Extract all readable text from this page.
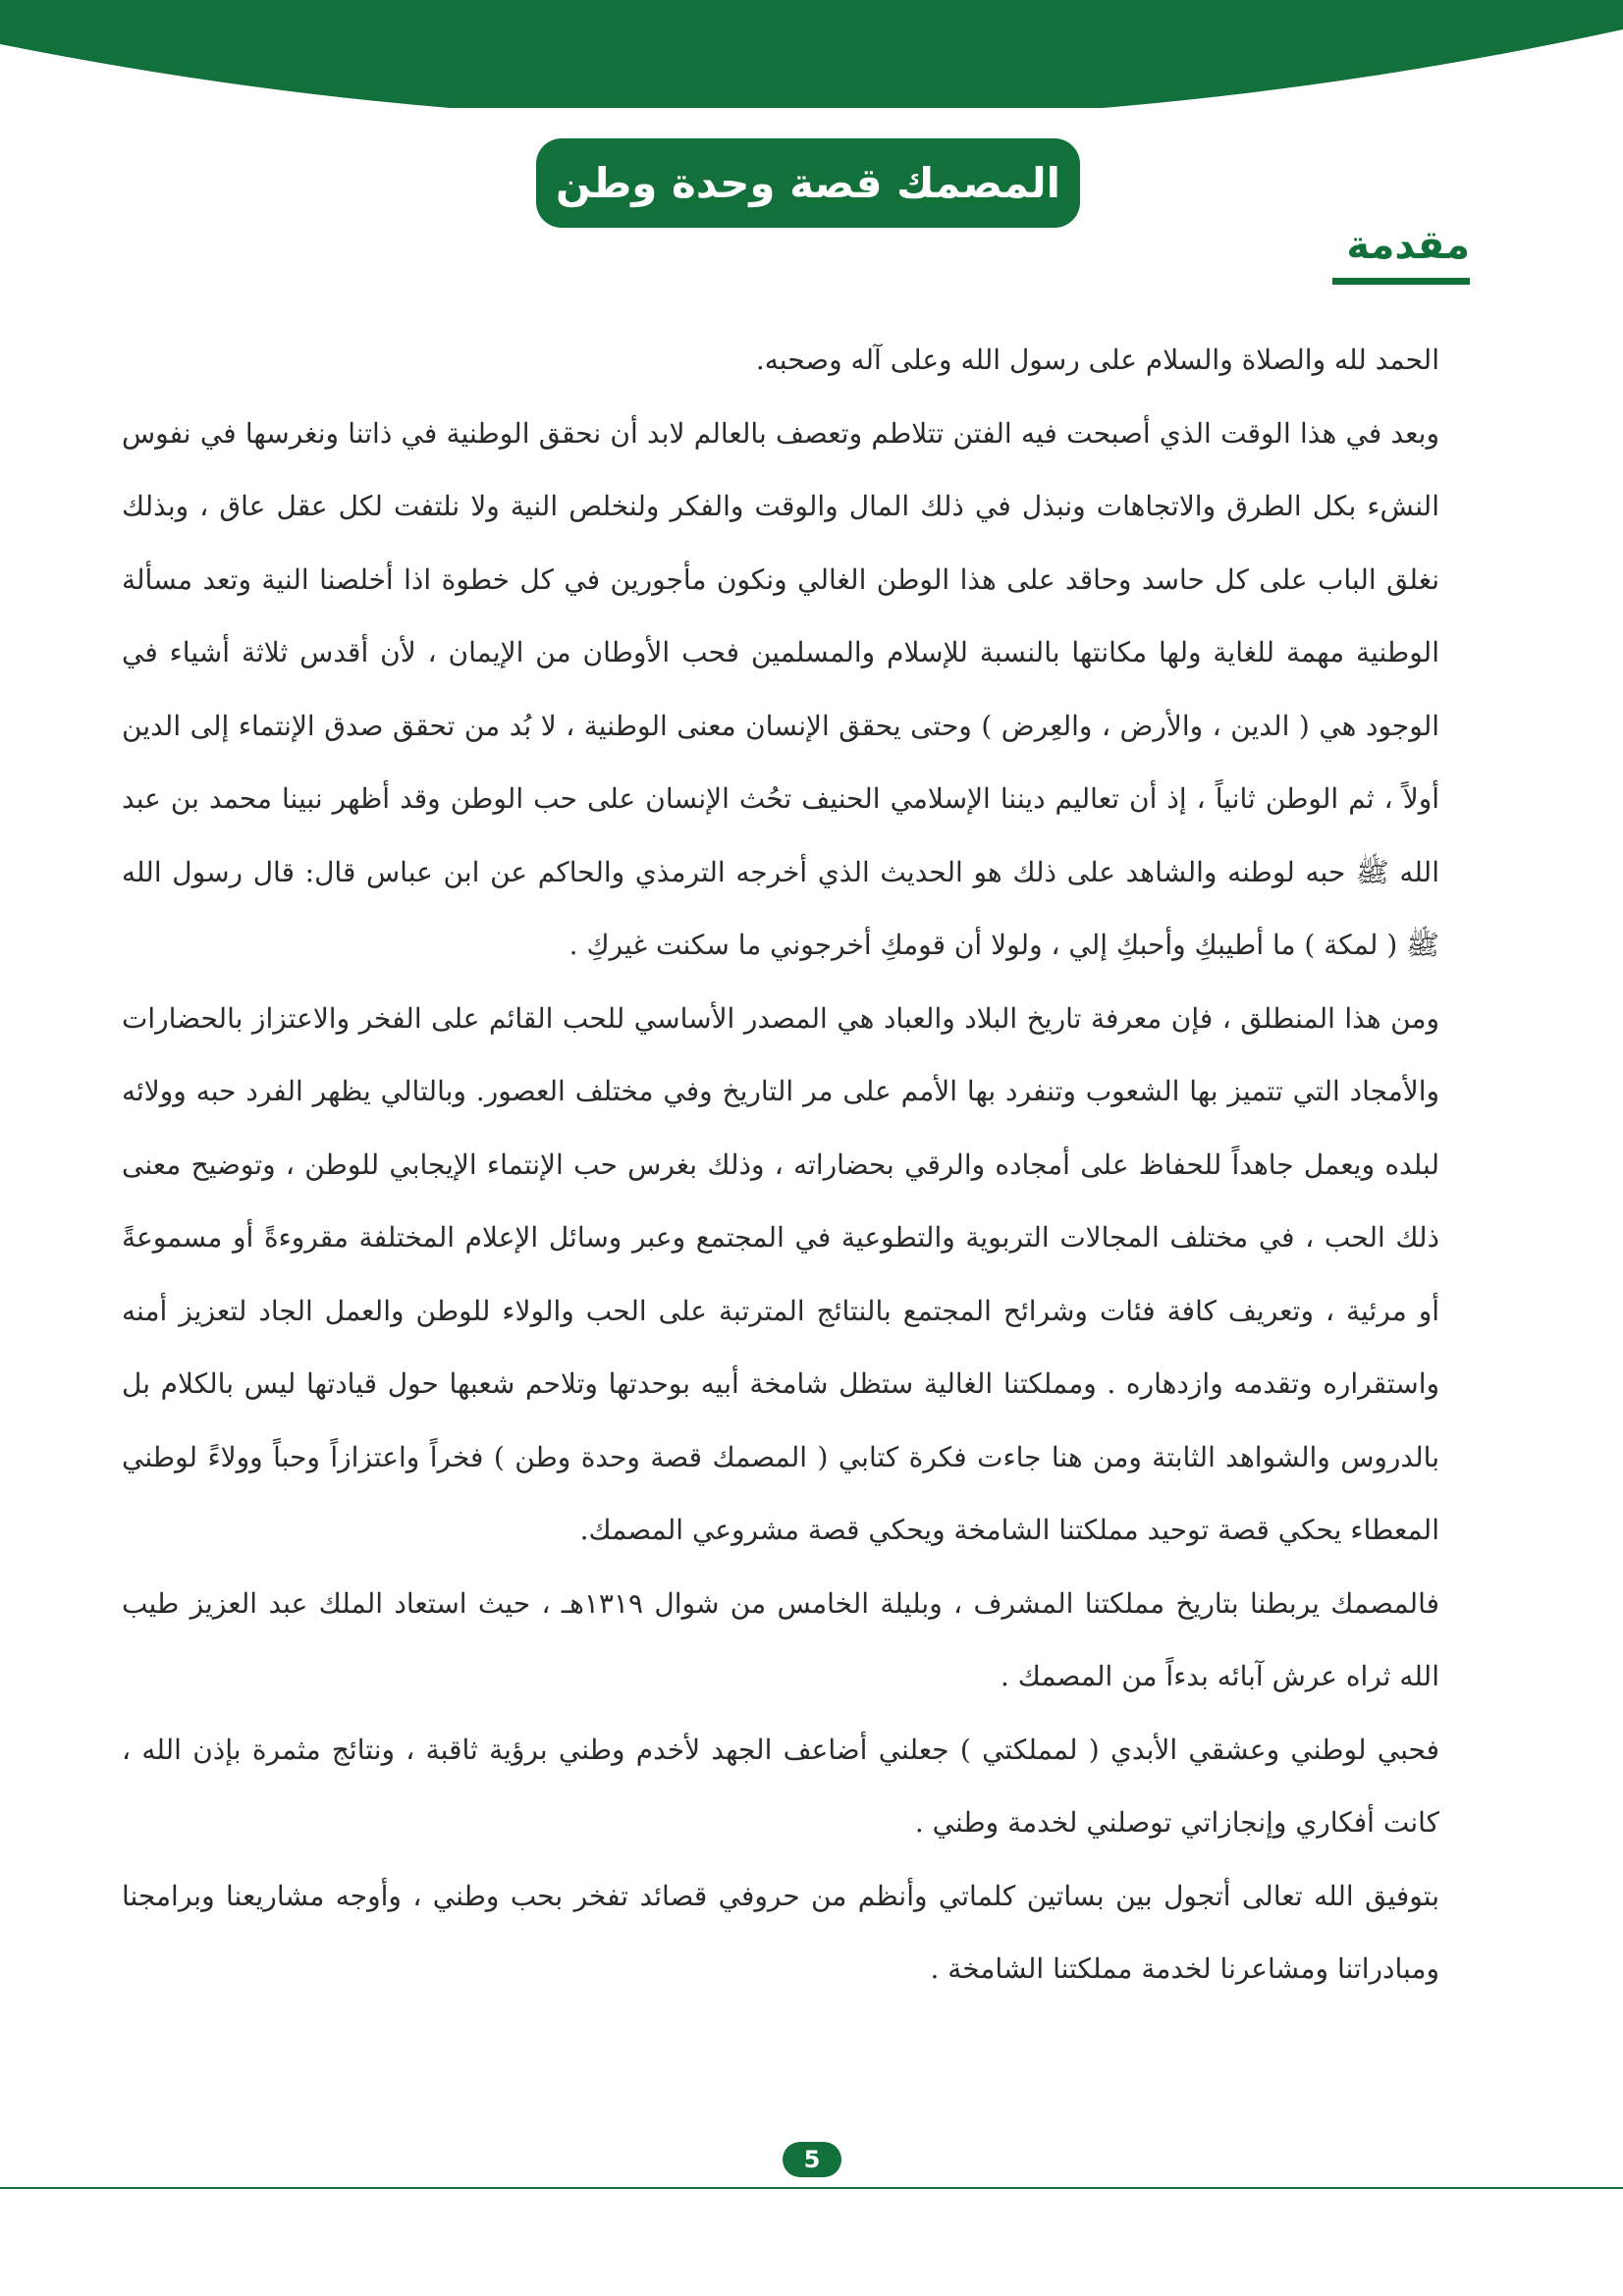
المصمك قصة وحدة وطن
مقدمة

الحمد لله والصلاة والسلام على رسول الله وعلى آله وصحبه.

وبعد في هذا الوقت الذي أصبحت فيه الفتن تتلاطم وتعصف بالعالم لابد أن نحقق الوطنية في ذاتنا ونغرسها في نفوس النشء بكل الطرق والاتجاهات ونبذل في ذلك المال والوقت والفكر ولنخلص النية ولا نلتفت لكل عقل عاق ، وبذلك نغلق الباب على كل حاسد وحاقد على هذا الوطن الغالي ونكون مأجورين في كل خطوة اذا أخلصنا النية وتعد مسألة الوطنية مهمة للغاية ولها مكانتها بالنسبة للإسلام والمسلمين فحب الأوطان من الإيمان ، لأن أقدس ثلاثة أشياء في الوجود هي ( الدين ، والأرض ، والعِرض ) وحتى يحقق الإنسان معنى الوطنية ، لا بُد من تحقق صدق الإنتماء إلى الدين أولاً ، ثم الوطن ثانياً ، إذ أن تعاليم ديننا الإسلامي الحنيف تحُث الإنسان على حب الوطن وقد أظهر نبينا محمد بن عبد الله ﷺ حبه لوطنه والشاهد على ذلك هو الحديث الذي أخرجه الترمذي والحاكم عن ابن عباس قال: قال رسول الله ﷺ ( لمكة ) ما أطيبكِ وأحبكِ إلي ، ولولا أن قومكِ أخرجوني ما سكنت غيركِ .

ومن هذا المنطلق ، فإن معرفة تاريخ البلاد والعباد هي المصدر الأساسي للحب القائم على الفخر والاعتزاز بالحضارات والأمجاد التي تتميز بها الشعوب وتنفرد بها الأمم على مر التاريخ وفي مختلف العصور. وبالتالي يظهر الفرد حبه وولائه لبلده ويعمل جاهداً للحفاظ على أمجاده والرقي بحضاراته ، وذلك بغرس حب الإنتماء الإيجابي للوطن ، وتوضيح معنى ذلك الحب ، في مختلف المجالات التربوية والتطوعية في المجتمع وعبر وسائل الإعلام المختلفة مقروءةً أو مسموعةً أو مرئية ، وتعريف كافة فئات وشرائح المجتمع بالنتائج المترتبة على الحب والولاء للوطن والعمل الجاد لتعزيز أمنه واستقراره وتقدمه وازدهاره . ومملكتنا الغالية ستظل شامخة أبيه بوحدتها وتلاحم شعبها حول قيادتها ليس بالكلام بل بالدروس والشواهد الثابتة ومن هنا جاءت فكرة كتابي ( المصمك قصة وحدة وطن ) فخراً واعتزازاً وحباً وولاءً لوطني المعطاء يحكي قصة توحيد مملكتنا الشامخة ويحكي قصة مشروعي المصمك.

فالمصمك يربطنا بتاريخ مملكتنا المشرف ، وبليلة الخامس من شوال ١٣١٩هـ ، حيث استعاد الملك عبد العزيز طيب الله ثراه عرش آبائه بدءاً من المصمك .

فحبي لوطني وعشقي الأبدي ( لمملكتي ) جعلني أضاعف الجهد لأخدم وطني برؤية ثاقبة ، ونتائج مثمرة بإذن الله ، كانت أفكاري وإنجازاتي توصلني لخدمة وطني .

بتوفيق الله تعالى أتجول بين بساتين كلماتي وأنظم من حروفي قصائد تفخر بحب وطني ، وأوجه مشاريعنا وبرامجنا ومبادراتنا ومشاعرنا لخدمة مملكتنا الشامخة .

5
